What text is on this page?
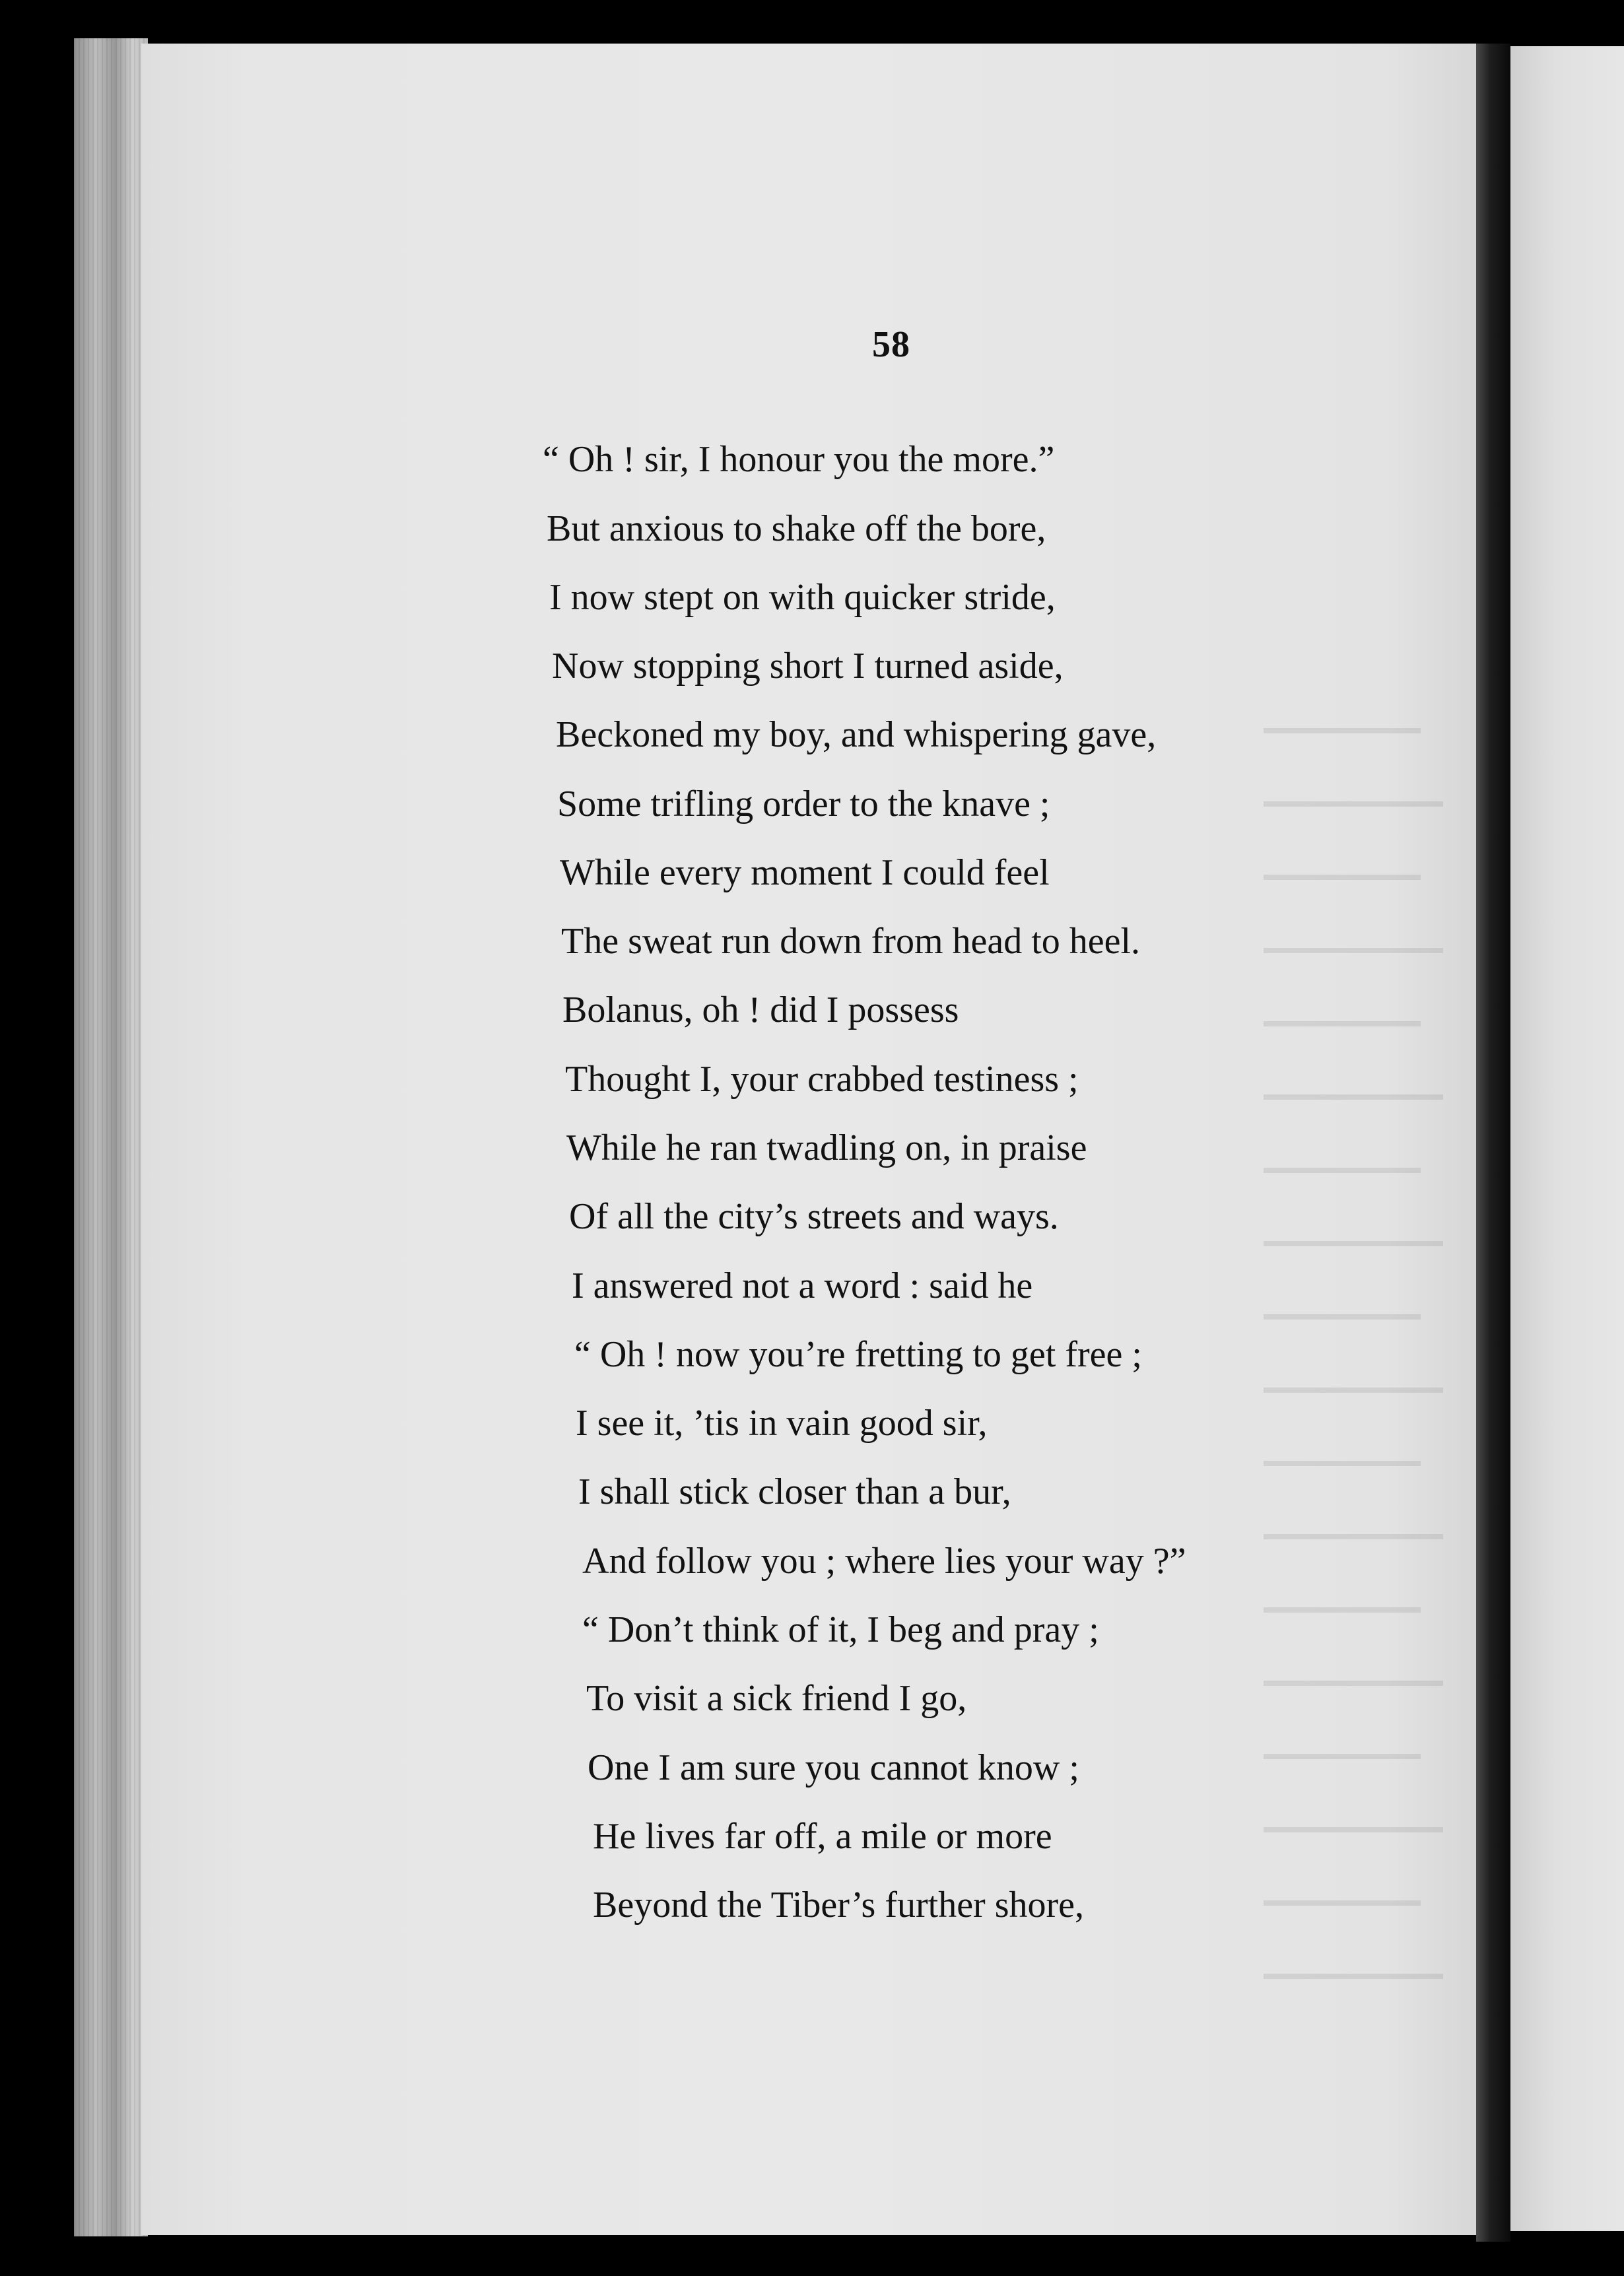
58
“ Oh ! sir, I honour you the more.”
But anxious to shake off the bore,
I now stept on with quicker stride,
Now stopping short I turned aside,
Beckoned my boy, and whispering gave,
Some trifling order to the knave ;
While every moment I could feel
The sweat run down from head to heel.
Bolanus, oh ! did I possess
Thought I, your crabbed testiness ;
While he ran twadling on, in praise
Of all the city’s streets and ways.
I answered not a word : said he
“ Oh ! now you’re fretting to get free ;
I see it, ’tis in vain good sir,
I shall stick closer than a bur,
And follow you ; where lies your way ?”
“ Don’t think of it, I beg and pray ;
To visit a sick friend I go,
One I am sure you cannot know ;
He lives far off, a mile or more
Beyond the Tiber’s further shore,
